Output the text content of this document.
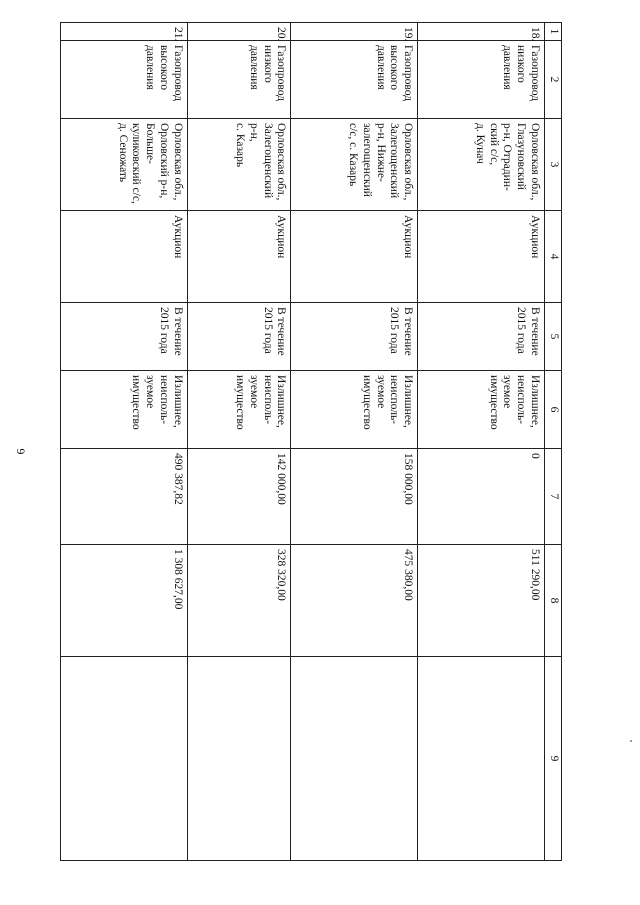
6
1	2	3	4	5	6	7	8	9
18.	Газопровод
низкого
давления	Орловская обл.,
Глазуновский
р-н, Отрадин-
ский с/с,
д. Кунач	Аукцион	В течение
2015 года	Излишнее,
неисполь-
зуемое
имущество	0	511 290,00	
19.	Газопровод
высокого
давления	Орловская обл.,
Залегощенский
р-н, Нижне-
залегощенский
с/с, с. Казарь	Аукцион	В течение
2015 года	Излишнее,
неисполь-
зуемое
имущество	158 000,00	475 380,00	
20.	Газопровод
низкого
давления	Орловская обл.,
Залегощенский
р-н,
с. Казарь	Аукцион	В течение
2015 года	Излишнее,
неисполь-
зуемое
имущество	142 000,00	328 320,00	
21.	Газопровод
высокого
давления	Орловская обл.,
Орловский р-н,
Больше-
куликовский с/с,
д. Сеножать	Аукцион	В течение
2015 года	Излишнее,
неисполь-
зуемое
имущество	490 387,82	1 308 627,00	
